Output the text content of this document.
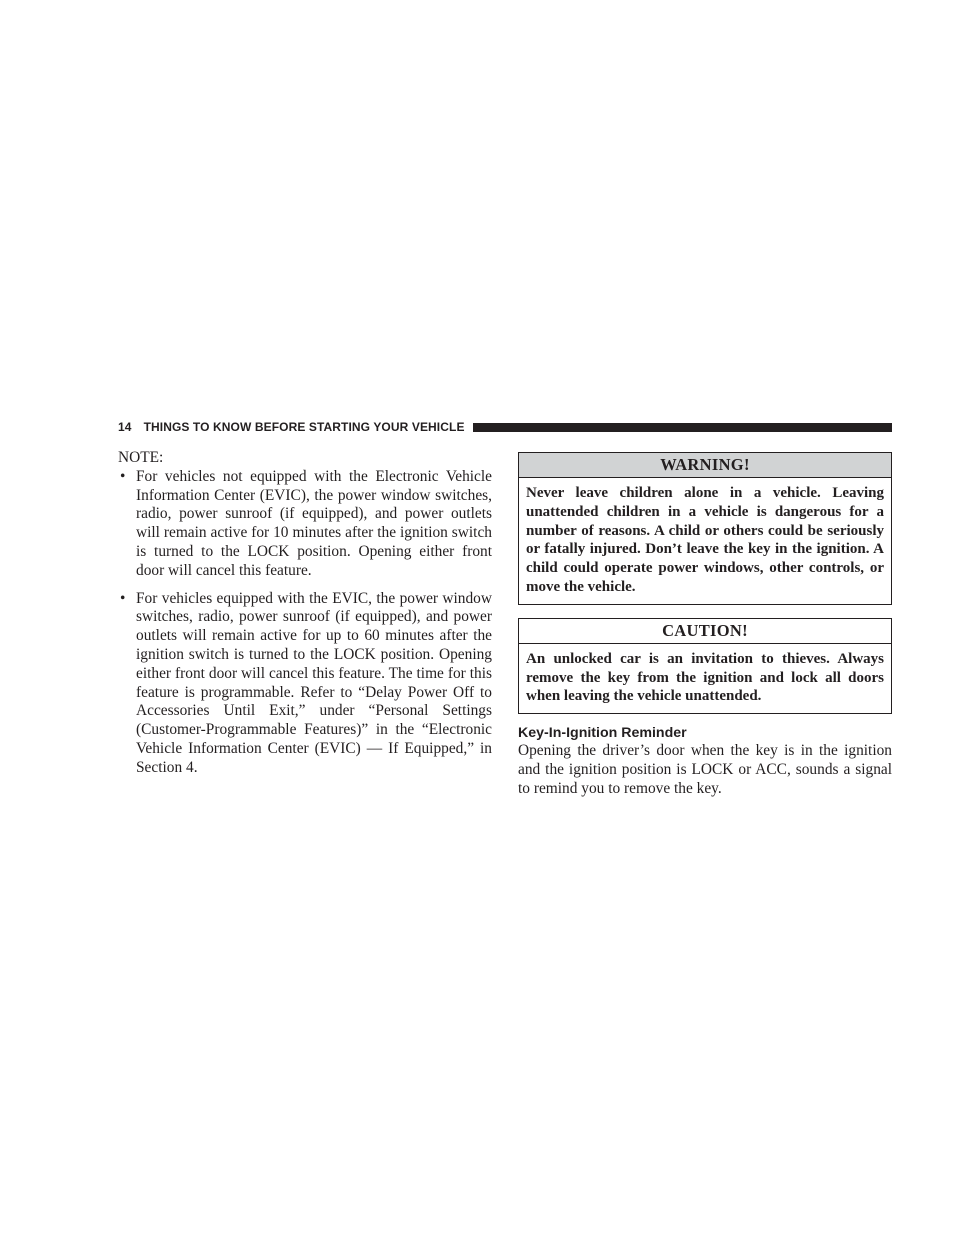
14 THINGS TO KNOW BEFORE STARTING YOUR VEHICLE
NOTE:
• For vehicles not equipped with the Electronic Vehicle Information Center (EVIC), the power window switches, radio, power sunroof (if equipped), and power outlets will remain active for 10 minutes after the ignition switch is turned to the LOCK position. Opening either front door will cancel this feature.
• For vehicles equipped with the EVIC, the power window switches, radio, power sunroof (if equipped), and power outlets will remain active for up to 60 minutes after the ignition switch is turned to the LOCK position. Opening either front door will cancel this feature. The time for this feature is programmable. Refer to “Delay Power Off to Accessories Until Exit,” under “Personal Settings (Customer-Programmable Features)” in the “Electronic Vehicle Information Center (EVIC) — If Equipped,” in Section 4.
WARNING!
Never leave children alone in a vehicle. Leaving unattended children in a vehicle is dangerous for a number of reasons. A child or others could be seriously or fatally injured. Don’t leave the key in the ignition. A child could operate power windows, other controls, or move the vehicle.
CAUTION!
An unlocked car is an invitation to thieves. Always remove the key from the ignition and lock all doors when leaving the vehicle unattended.
Key-In-Ignition Reminder
Opening the driver’s door when the key is in the ignition and the ignition position is LOCK or ACC, sounds a signal to remind you to remove the key.
